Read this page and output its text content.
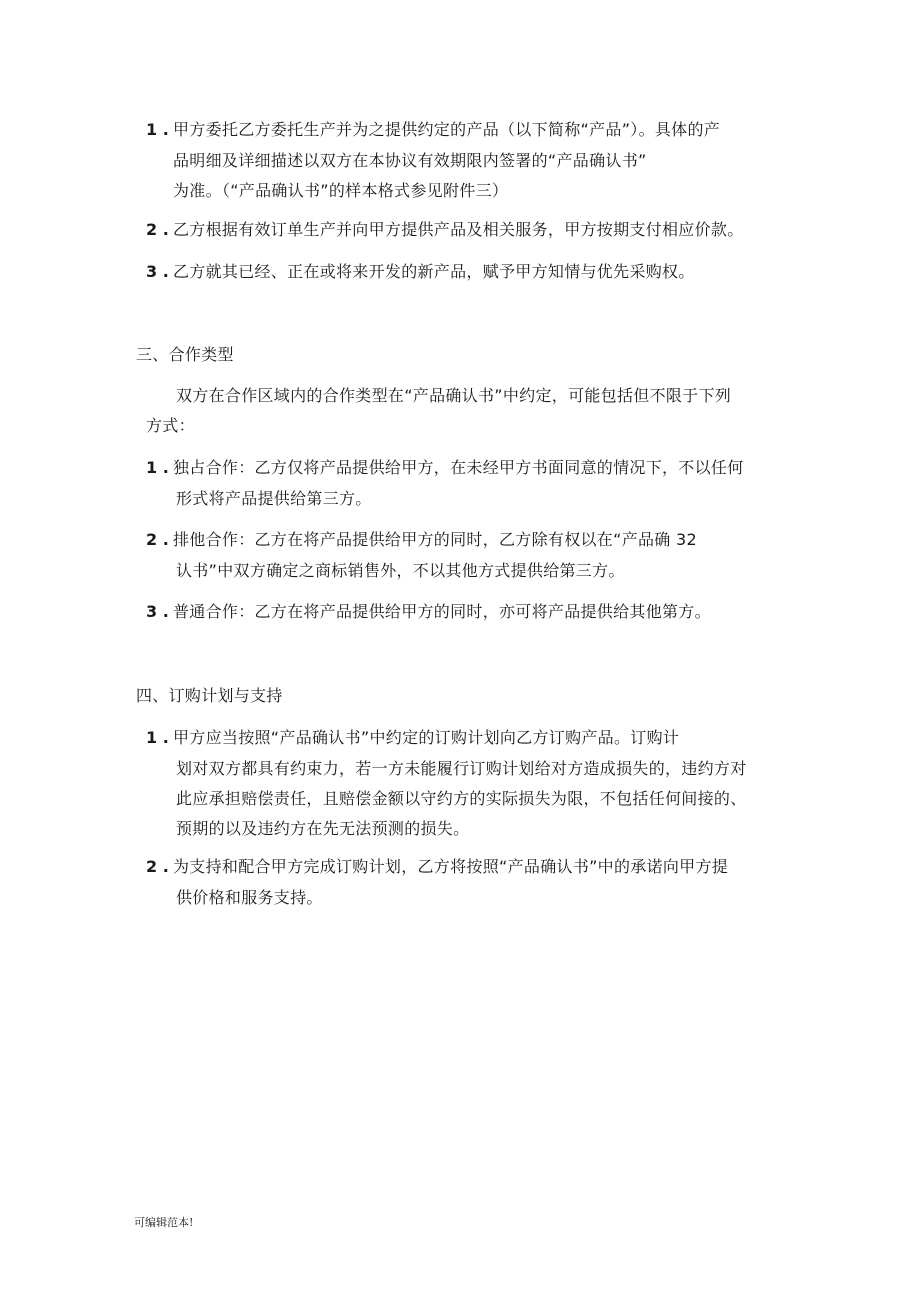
1 . 甲方委托乙方委托生产并为之提供约定的产品（以下简称“产品”）。具体的产
品明细及详细描述以双方在本协议有效期限内签署的“产品确认书”
为准。（“产品确认书”的样本格式参见附件三）
2 . 乙方根据有效订单生产并向甲方提供产品及相关服务，甲方按期支付相应价款。
3 . 乙方就其已经、正在或将来开发的新产品，赋予甲方知情与优先采购权。
三、合作类型
双方在合作区域内的合作类型在“产品确认书”中约定，可能包括但不限于下列
方式：
1 . 独占合作：乙方仅将产品提供给甲方，在未经甲方书面同意的情况下，不以任何
形式将产品提供给第三方。
2 . 排他合作：乙方在将产品提供给甲方的同时，乙方除有权以在“产品确 32
认书”中双方确定之商标销售外，不以其他方式提供给第三方。
3 . 普通合作：乙方在将产品提供给甲方的同时，亦可将产品提供给其他第方。
四、订购计划与支持
1 . 甲方应当按照“产品确认书”中约定的订购计划向乙方订购产品。订购计
划对双方都具有约束力，若一方未能履行订购计划给对方造成损失的，违约方对
此应承担赔偿责任，且赔偿金额以守约方的实际损失为限，不包括任何间接的、
预期的以及违约方在先无法预测的损失。
2 . 为支持和配合甲方完成订购计划，乙方将按照“产品确认书”中的承诺向甲方提
供价格和服务支持。
可编辑范本!
